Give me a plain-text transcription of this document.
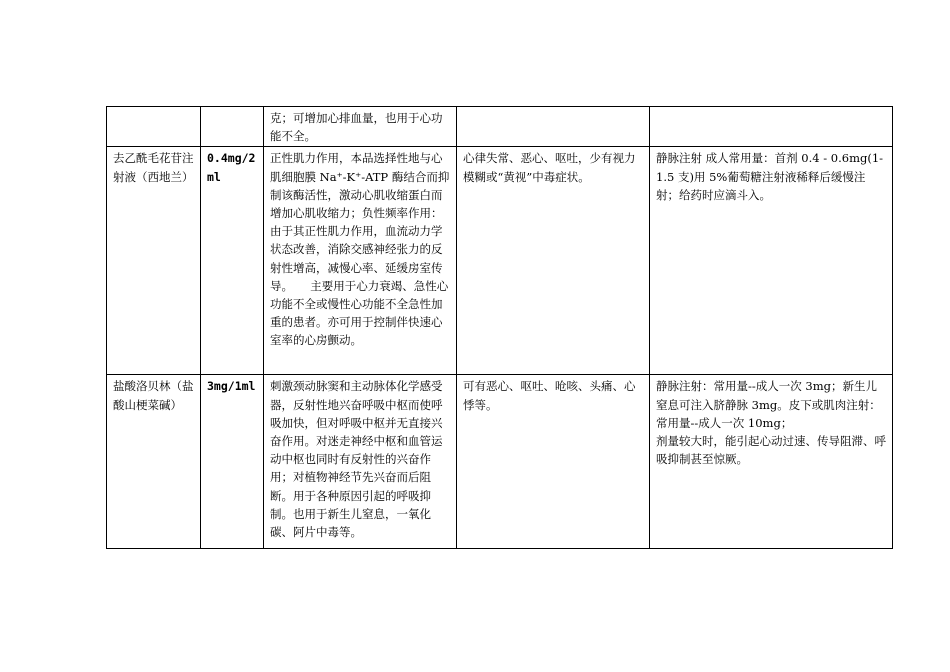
		克；可增加心排血量，也用于心功能不全。		
去乙酰毛花苷注射液（西地兰）	0.4mg/2ml	正性肌力作用，本品选择性地与心肌细胞膜 Na⁺-K⁺-ATP 酶结合而抑制该酶活性，激动心肌收缩蛋白而增加心肌收缩力；负性频率作用：由于其正性肌力作用，血流动力学状态改善，消除交感神经张力的反射性增高，减慢心率、延缓房室传导。　　主要用于心力衰竭、急性心功能不全或慢性心功能不全急性加重的患者。亦可用于控制伴快速心室率的心房颤动。	心律失常、恶心、呕吐，少有视力模糊或“黄视”中毒症状。	静脉注射 成人常用量：首剂 0.4 - 0.6mg(1-1.5 支)用 5%葡萄糖注射液稀释后缓慢注射；给药时应滴斗入。
盐酸洛贝林（盐酸山梗菜碱）	3mg/1ml	刺激颈动脉窦和主动脉体化学感受器，反射性地兴奋呼吸中枢而使呼吸加快，但对呼吸中枢并无直接兴奋作用。对迷走神经中枢和血管运动中枢也同时有反射性的兴奋作用；对植物神经节先兴奋而后阻断。用于各种原因引起的呼吸抑制。也用于新生儿窒息，一氧化碳、阿片中毒等。	可有恶心、呕吐、呛咳、头痛、心悸等。	静脉注射：常用量--成人一次 3mg；新生儿窒息可注入脐静脉 3mg。皮下或肌肉注射： 常用量--成人一次 10mg；
剂量较大时，能引起心动过速、传导阻滞、呼吸抑制甚至惊厥。
